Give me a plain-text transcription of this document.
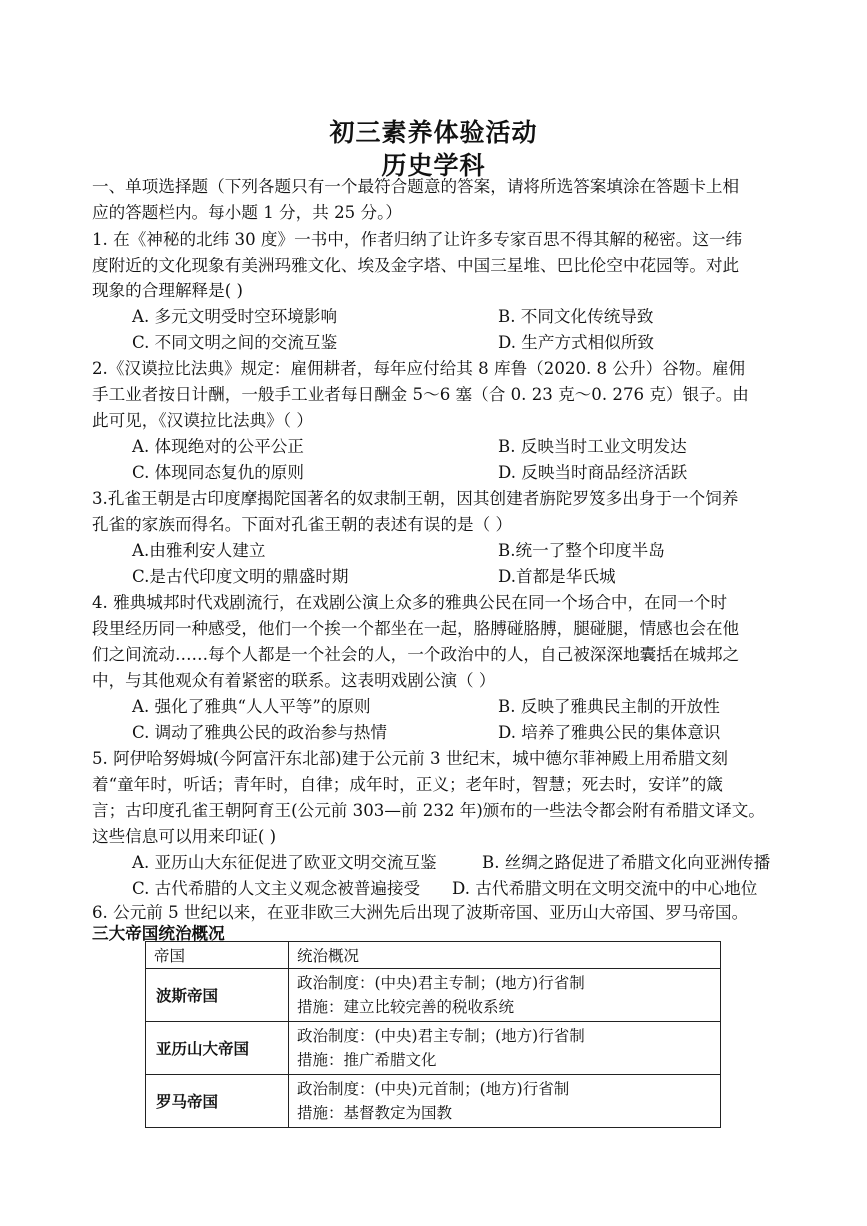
初三素养体验活动
历史学科
一、单项选择题（下列各题只有一个最符合题意的答案，请将所选答案填涂在答题卡上相
应的答题栏内。每小题 1 分，共 25 分。）
1. 在《神秘的北纬 30 度》一书中，作者归纳了让许多专家百思不得其解的秘密。这一纬
度附近的文化现象有美洲玛雅文化、埃及金字塔、中国三星堆、巴比伦空中花园等。对此
现象的合理解释是( )
A. 多元文明受时空环境影响	B. 不同文化传统导致
C. 不同文明之间的交流互鉴	D. 生产方式相似所致
2.《汉谟拉比法典》规定：雇佣耕者，每年应付给其 8 库鲁（2020. 8 公升）谷物。雇佣
手工业者按日计酬，一般手工业者每日酬金 5～6 塞（合 0. 23 克～0. 276 克）银子。由
此可见，《汉谟拉比法典》（ ）
A. 体现绝对的公平公正	B. 反映当时工业文明发达
C. 体现同态复仇的原则	D. 反映当时商品经济活跃
3.孔雀王朝是古印度摩揭陀国著名的奴隶制王朝，因其创建者旃陀罗笈多出身于一个饲养
孔雀的家族而得名。下面对孔雀王朝的表述有误的是（ ）
A.由雅利安人建立	B.统一了整个印度半岛
C.是古代印度文明的鼎盛时期	D.首都是华氏城
4. 雅典城邦时代戏剧流行，在戏剧公演上众多的雅典公民在同一个场合中，在同一个时
段里经历同一种感受，他们一个挨一个都坐在一起，胳膊碰胳膊，腿碰腿，情感也会在他
们之间流动……每个人都是一个社会的人，一个政治中的人，自己被深深地囊括在城邦之
中，与其他观众有着紧密的联系。这表明戏剧公演（ ）
A. 强化了雅典“人人平等”的原则	B. 反映了雅典民主制的开放性
C. 调动了雅典公民的政治参与热情	D. 培养了雅典公民的集体意识
5. 阿伊哈努姆城(今阿富汗东北部)建于公元前 3 世纪末，城中德尔菲神殿上用希腊文刻
着“童年时，听话；青年时，自律；成年时，正义；老年时，智慧；死去时，安详”的箴
言；古印度孔雀王朝阿育王(公元前 303—前 232 年)颁布的一些法令都会附有希腊文译文。
这些信息可以用来印证( )
A. 亚历山大东征促进了欧亚文明交流互鉴	B. 丝绸之路促进了希腊文化向亚洲传播
C. 古代希腊的人文主义观念被普遍接受 D. 古代希腊文明在文明交流中的中心地位
6. 公元前 5 世纪以来，在亚非欧三大洲先后出现了波斯帝国、亚历山大帝国、罗马帝国。
三大帝国统治概况
帝国	统治概况
波斯帝国	政治制度：(中央)君主专制；(地方)行省制
措施：建立比较完善的税收系统

亚历山大帝国	政治制度：(中央)君主专制；(地方)行省制
措施：推广希腊文化

罗马帝国	政治制度：(中央)元首制；(地方)行省制
措施：基督教定为国教
